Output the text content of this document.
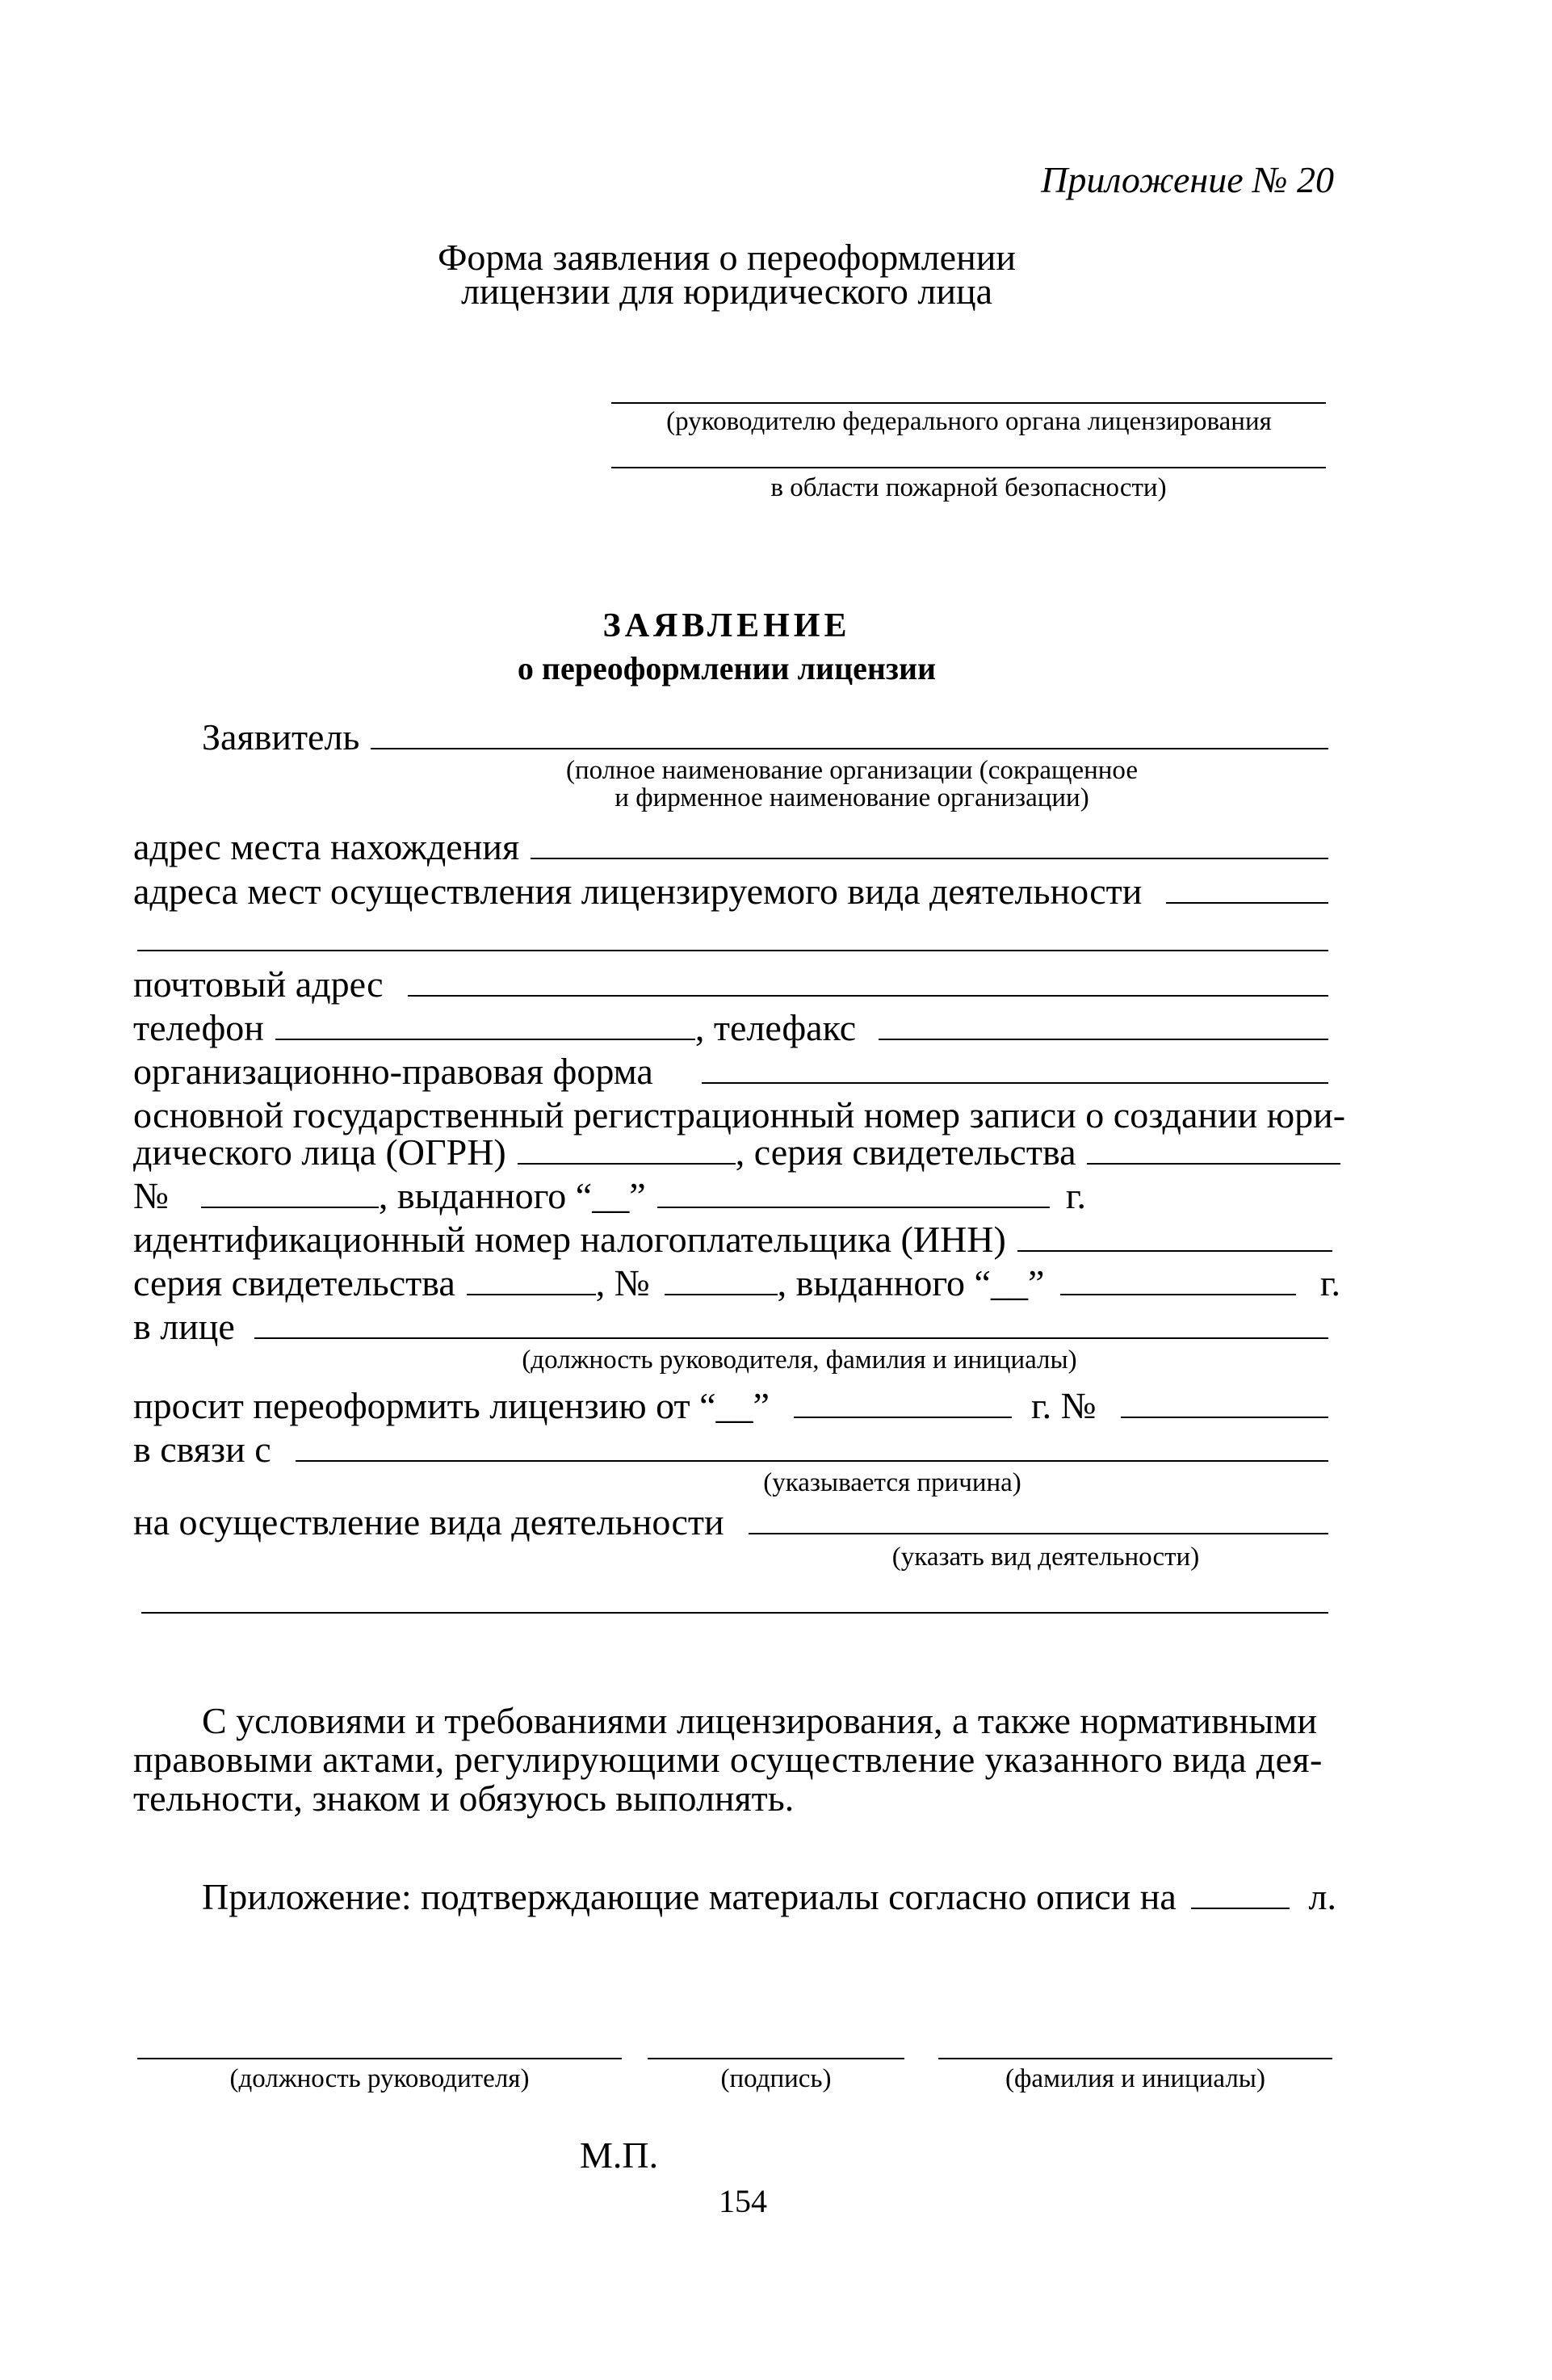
Приложение № 20
Форма заявления о переоформлении
лицензии для юридического лица
(руководителю федерального органа лицензирования
в области пожарной безопасности)
ЗАЯВЛЕНИЕ
о переоформлении лицензии
Заявитель
(полное наименование организации (сокращенное
и фирменное наименование организации)
адрес места нахождения
адреса мест осуществления лицензируемого вида деятельности
почтовый адрес
телефон	, телефакс
организационно-правовая форма
основной государственный регистрационный номер записи о создании юри-
дического лица (ОГРН)	, серия свидетельства
№	, выданного “__”	г.
идентификационный номер налогоплательщика (ИНН)
серия свидетельства	, №	, выданного “__”	г.
в лице
(должность руководителя, фамилия и инициалы)
просит переоформить лицензию от “__”	г. №
в связи с
(указывается причина)
на осуществление вида деятельности
(указать вид деятельности)
С условиями и требованиями лицензирования, а также нормативными
правовыми актами, регулирующими осуществление указанного вида дея-
тельности, знаком и обязуюсь выполнять.
Приложение: подтверждающие материалы согласно описи на	л.
(должность руководителя)	(подпись)	(фамилия и инициалы)
М.П.
154
